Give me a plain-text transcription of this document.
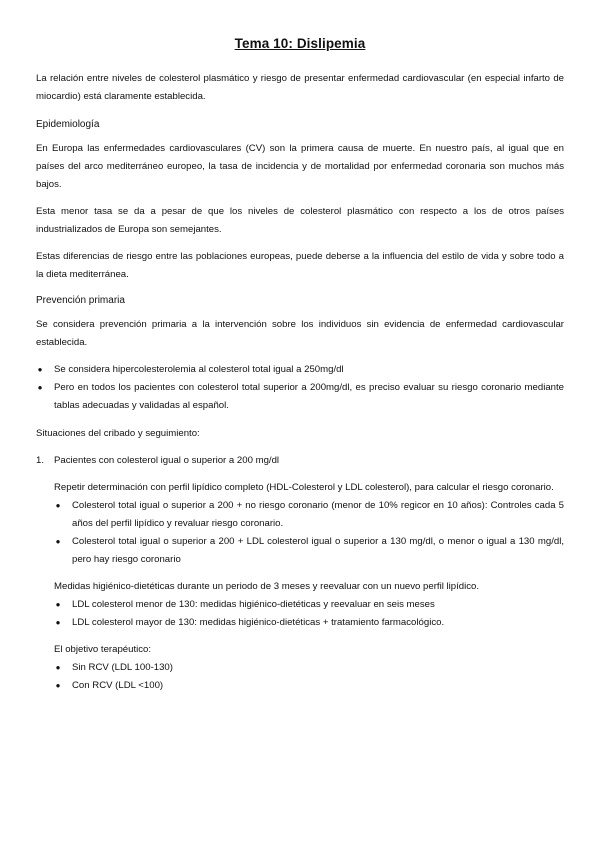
Tema 10: Dislipemia

La relación entre niveles de colesterol plasmático y riesgo de presentar enfermedad cardiovascular (en especial infarto de miocardio) está claramente establecida.

Epidemiología

En Europa las enfermedades cardiovasculares (CV) son la primera causa de muerte. En nuestro país, al igual que en países del arco mediterráneo europeo, la tasa de incidencia y de mortalidad por enfermedad coronaria son muchos más bajos.

Esta menor tasa se da a pesar de que los niveles de colesterol plasmático con respecto a los de otros países industrializados de Europa son semejantes.

Estas diferencias de riesgo entre las poblaciones europeas, puede deberse a la influencia del estilo de vida y sobre todo a la dieta mediterránea.

Prevención primaria

Se considera prevención primaria a la intervención sobre los individuos sin evidencia de enfermedad cardiovascular establecida.

● Se considera hipercolesterolemia al colesterol total igual a 250mg/dl
● Pero en todos los pacientes con colesterol total superior a 200mg/dl, es preciso evaluar su riesgo coronario mediante tablas adecuadas y validadas al español.

Situaciones del cribado y seguimiento:

1. Pacientes con colesterol igual o superior a 200 mg/dl

Repetir determinación con perfil lipídico completo (HDL-Colesterol y LDL colesterol), para calcular el riesgo coronario.

● Colesterol total igual o superior a 200 + no riesgo coronario (menor de 10% regicor en 10 años): Controles cada 5 años del perfil lipídico y revaluar riesgo coronario.
● Colesterol total igual o superior a 200 + LDL colesterol igual o superior a 130 mg/dl, o menor o igual a 130 mg/dl, pero hay riesgo coronario

Medidas higiénico-dietéticas durante un periodo de 3 meses y reevaluar con un nuevo perfil lipídico.

● LDL colesterol menor de 130: medidas higiénico-dietéticas y reevaluar en seis meses
● LDL colesterol mayor de 130: medidas higiénico-dietéticas + tratamiento farmacológico.

El objetivo terapéutico:

● Sin RCV (LDL 100-130)
● Con RCV (LDL <100)
